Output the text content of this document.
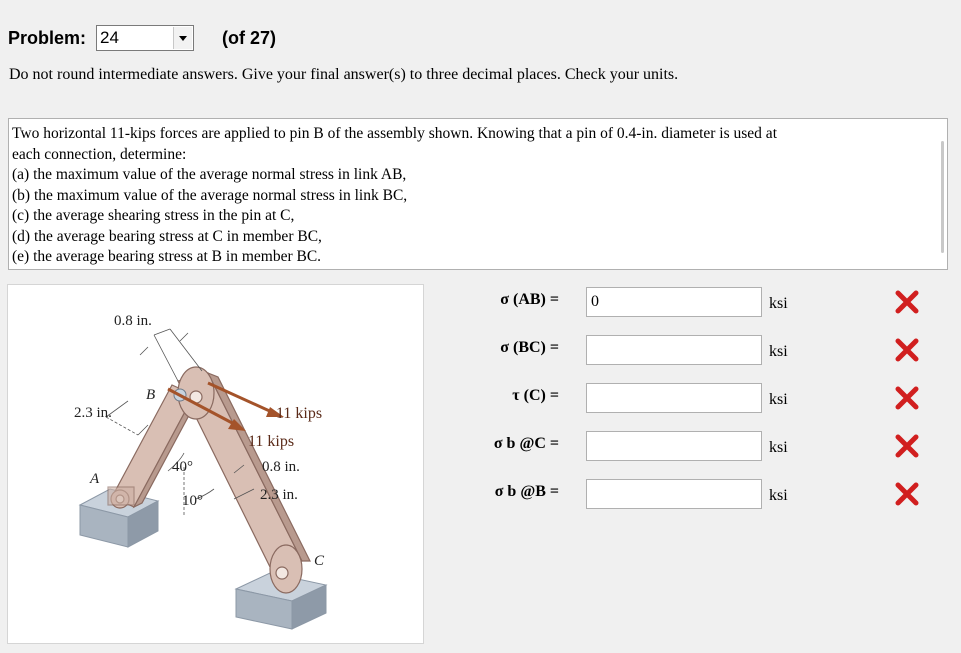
Problem: 24	(of 27)
Do not round intermediate answers. Give your final answer(s) to three decimal places. Check your units.
Two horizontal 11-kips forces are applied to pin B of the assembly shown. Knowing that a pin of 0.4-in. diameter is used at
each connection, determine:
(a) the maximum value of the average normal stress in link AB,
(b) the maximum value of the average normal stress in link BC,
(c) the average shearing stress in the pin at C,
(d) the average bearing stress at C in member BC,
(e) the average bearing stress at B in member BC.
0.8 in.
2.3 in.
B
A
C
11 kips
11 kips
0.8 in.
2.3 in.
40°
10°
σ (AB) =
0	ksi
σ (BC) =	ksi
τ (C) =	ksi
σ b @C =	ksi
σ b @B =	ksi
